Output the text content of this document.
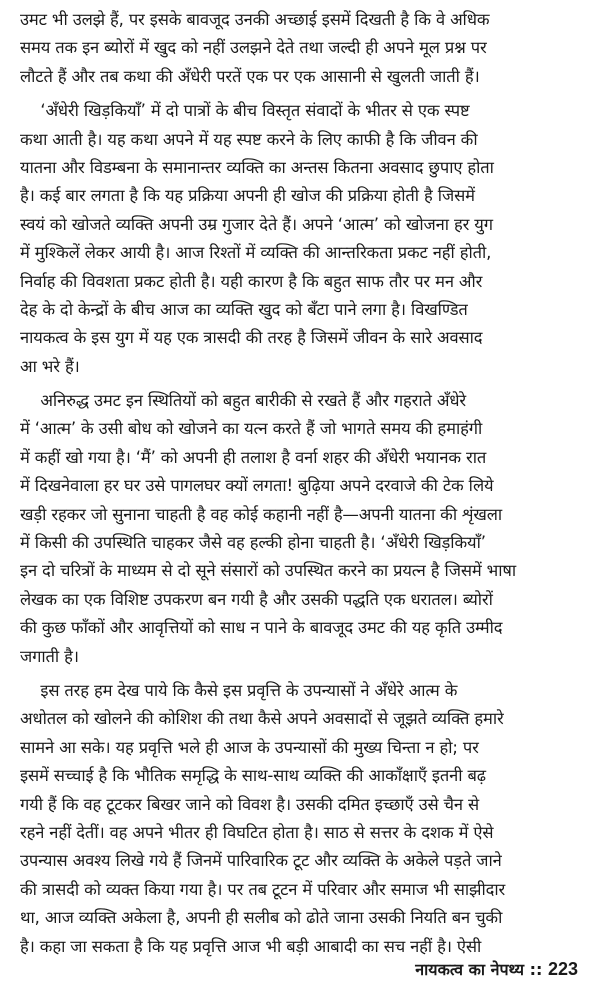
उमट भी उलझे हैं, पर इसके बावजूद उनकी अच्छाई इसमें दिखती है कि वे अधिक
समय तक इन ब्योरों में खुद को नहीं उलझने देते तथा जल्दी ही अपने मूल प्रश्न पर
लौटते हैं और तब कथा की अँधेरी परतें एक पर एक आसानी से खुलती जाती हैं।
‘अँधेरी खिड़कियाँ’ में दो पात्रों के बीच विस्तृत संवादों के भीतर से एक स्पष्ट
कथा आती है। यह कथा अपने में यह स्पष्ट करने के लिए काफी है कि जीवन की
यातना और विडम्बना के समानान्तर व्यक्ति का अन्तस कितना अवसाद छुपाए होता
है। कई बार लगता है कि यह प्रक्रिया अपनी ही खोज की प्रक्रिया होती है जिसमें
स्वयं को खोजते व्यक्ति अपनी उम्र गुजार देते हैं। अपने ‘आत्म’ को खोजना हर युग
में मुश्किलें लेकर आयी है। आज रिश्तों में व्यक्ति की आन्तरिकता प्रकट नहीं होती,
निर्वाह की विवशता प्रकट होती है। यही कारण है कि बहुत साफ तौर पर मन और
देह के दो केन्द्रों के बीच आज का व्यक्ति खुद को बँटा पाने लगा है। विखण्डित
नायकत्व के इस युग में यह एक त्रासदी की तरह है जिसमें जीवन के सारे अवसाद
आ भरे हैं।
अनिरुद्ध उमट इन स्थितियों को बहुत बारीकी से रखते हैं और गहराते अँधेरे
में ‘आत्म’ के उसी बोध को खोजने का यत्न करते हैं जो भागते समय की हमाहंगी
में कहीं खो गया है। ‘मैं’ को अपनी ही तलाश है वर्ना शहर की अँधेरी भयानक रात
में दिखनेवाला हर घर उसे पागलघर क्यों लगता! बुढ़िया अपने दरवाजे की टेक लिये
खड़ी रहकर जो सुनाना चाहती है वह कोई कहानी नहीं है—अपनी यातना की शृंखला
में किसी की उपस्थिति चाहकर जैसे वह हल्की होना चाहती है। ‘अँधेरी खिड़कियाँ’
इन दो चरित्रों के माध्यम से दो सूने संसारों को उपस्थित करने का प्रयत्न है जिसमें भाषा
लेखक का एक विशिष्ट उपकरण बन गयी है और उसकी पद्धति एक धरातल। ब्योरों
की कुछ फाँकों और आवृत्तियों को साध न पाने के बावजूद उमट की यह कृति उम्मीद
जगाती है।
इस तरह हम देख पाये कि कैसे इस प्रवृत्ति के उपन्यासों ने अँधेरे आत्म के
अधोतल को खोलने की कोशिश की तथा कैसे अपने अवसादों से जूझते व्यक्ति हमारे
सामने आ सके। यह प्रवृत्ति भले ही आज के उपन्यासों की मुख्य चिन्ता न हो; पर
इसमें सच्चाई है कि भौतिक समृद्धि के साथ-साथ व्यक्ति की आकाँक्षाएँ इतनी बढ़
गयी हैं कि वह टूटकर बिखर जाने को विवश है। उसकी दमित इच्छाएँ उसे चैन से
रहने नहीं देतीं। वह अपने भीतर ही विघटित होता है। साठ से सत्तर के दशक में ऐसे
उपन्यास अवश्य लिखे गये हैं जिनमें पारिवारिक टूट और व्यक्ति के अकेले पड़ते जाने
की त्रासदी को व्यक्त किया गया है। पर तब टूटन में परिवार और समाज भी साझीदार
था, आज व्यक्ति अकेला है, अपनी ही सलीब को ढोते जाना उसकी नियति बन चुकी
है। कहा जा सकता है कि यह प्रवृत्ति आज भी बड़ी आबादी का सच नहीं है। ऐसी
नायकत्व का नेपथ्य :: 223
